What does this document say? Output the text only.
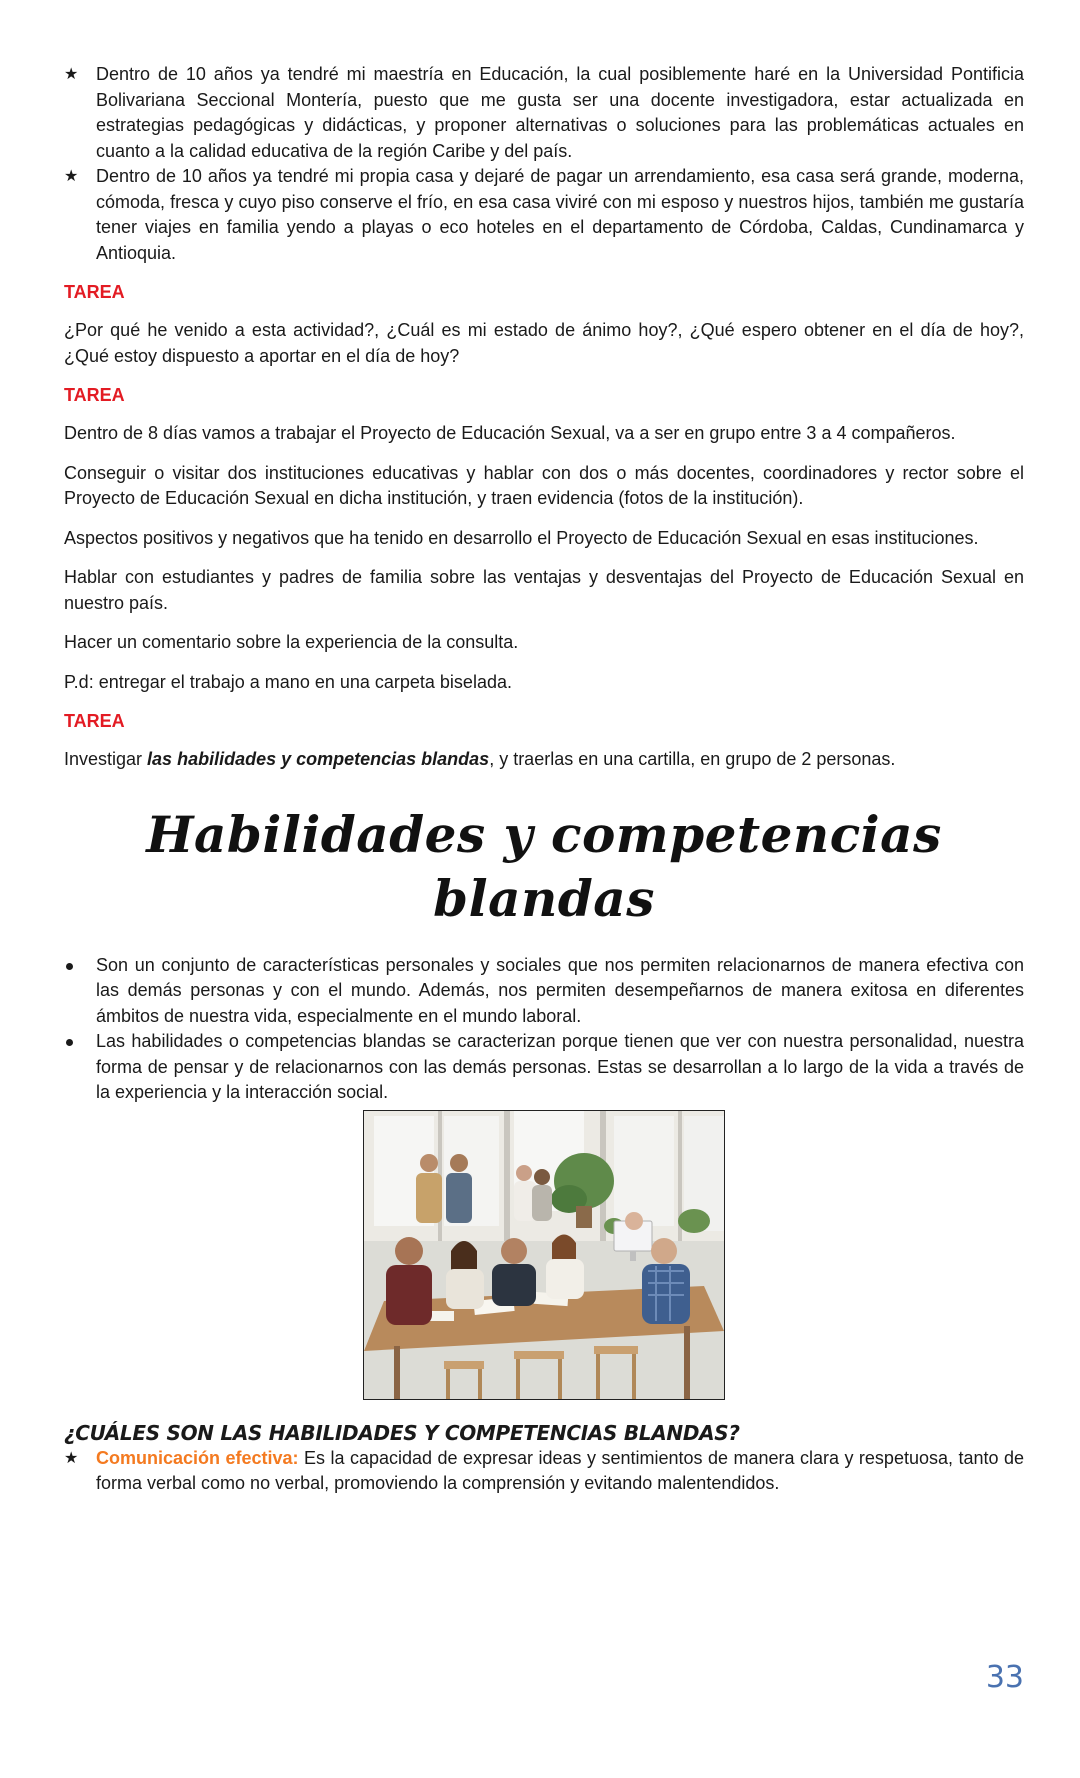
★ Dentro de 10 años ya tendré mi maestría en Educación, la cual posiblemente haré en la Universidad Pontificia Bolivariana Seccional Montería, puesto que me gusta ser una docente investigadora, estar actualizada en estrategias pedagógicas y didácticas, y proponer alternativas o soluciones para las problemáticas actuales en cuanto a la calidad educativa de la región Caribe y del país.
★ Dentro de 10 años ya tendré mi propia casa y dejaré de pagar un arrendamiento, esa casa será grande, moderna, cómoda, fresca y cuyo piso conserve el frío, en esa casa viviré con mi esposo y nuestros hijos, también me gustaría tener viajes en familia yendo a playas o eco hoteles en el departamento de Córdoba, Caldas, Cundinamarca y Antioquia.
TAREA

¿Por qué he venido a esta actividad?, ¿Cuál es mi estado de ánimo hoy?, ¿Qué espero obtener en el día de hoy?, ¿Qué estoy dispuesto a aportar en el día de hoy?

TAREA

Dentro de 8 días vamos a trabajar el Proyecto de Educación Sexual, va a ser en grupo entre 3 a 4 compañeros.

Conseguir o visitar dos instituciones educativas y hablar con dos o más docentes, coordinadores y rector sobre el Proyecto de Educación Sexual en dicha institución, y traen evidencia (fotos de la institución).

Aspectos positivos y negativos que ha tenido en desarrollo el Proyecto de Educación Sexual en esas instituciones.

Hablar con estudiantes y padres de familia sobre las ventajas y desventajas del Proyecto de Educación Sexual en nuestro país.

Hacer un comentario sobre la experiencia de la consulta.

P.d: entregar el trabajo a mano en una carpeta biselada.

TAREA

Investigar las habilidades y competencias blandas, y traerlas en una cartilla, en grupo de 2 personas.

Habilidades y competencias blandas
Son un conjunto de características personales y sociales que nos permiten relacionarnos de manera efectiva con las demás personas y con el mundo. Además, nos permiten desempeñarnos de manera exitosa en diferentes ámbitos de nuestra vida, especialmente en el mundo laboral.
Las habilidades o competencias blandas se caracterizan porque tienen que ver con nuestra personalidad, nuestra forma de pensar y de relacionarnos con las demás personas. Estas se desarrollan a lo largo de la vida a través de la experiencia y la interacción social.
¿CUÁLES SON LAS HABILIDADES Y COMPETENCIAS BLANDAS?
★ Comunicación efectiva: Es la capacidad de expresar ideas y sentimientos de manera clara y respetuosa, tanto de forma verbal como no verbal, promoviendo la comprensión y evitando malentendidos.
33
